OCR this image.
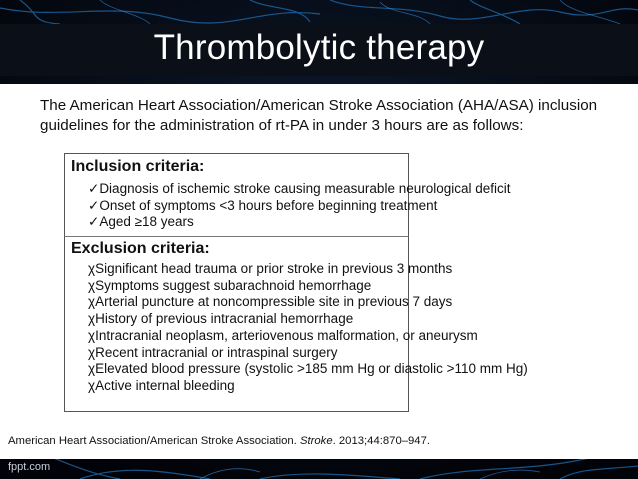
Thrombolytic therapy
The American Heart Association/American Stroke Association (AHA/ASA) inclusion guidelines for the administration of rt-PA in under 3 hours are as follows:
Inclusion criteria:
✓ Diagnosis of ischemic stroke causing measurable neurological deficit
✓ Onset of symptoms <3 hours before beginning treatment
✓ Aged ≥18 years
Exclusion criteria:
χ Significant head trauma or prior stroke in previous 3 months
χ Symptoms suggest subarachnoid hemorrhage
χ Arterial puncture at noncompressible site in previous 7 days
χ History of previous intracranial hemorrhage
χ Intracranial neoplasm, arteriovenous malformation, or aneurysm
χ Recent intracranial or intraspinal surgery
χ Elevated blood pressure (systolic >185 mm Hg or diastolic >110 mm Hg)
χ Active internal bleeding
American Heart Association/American Stroke Association. Stroke. 2013;44:870–947.
fppt.com
